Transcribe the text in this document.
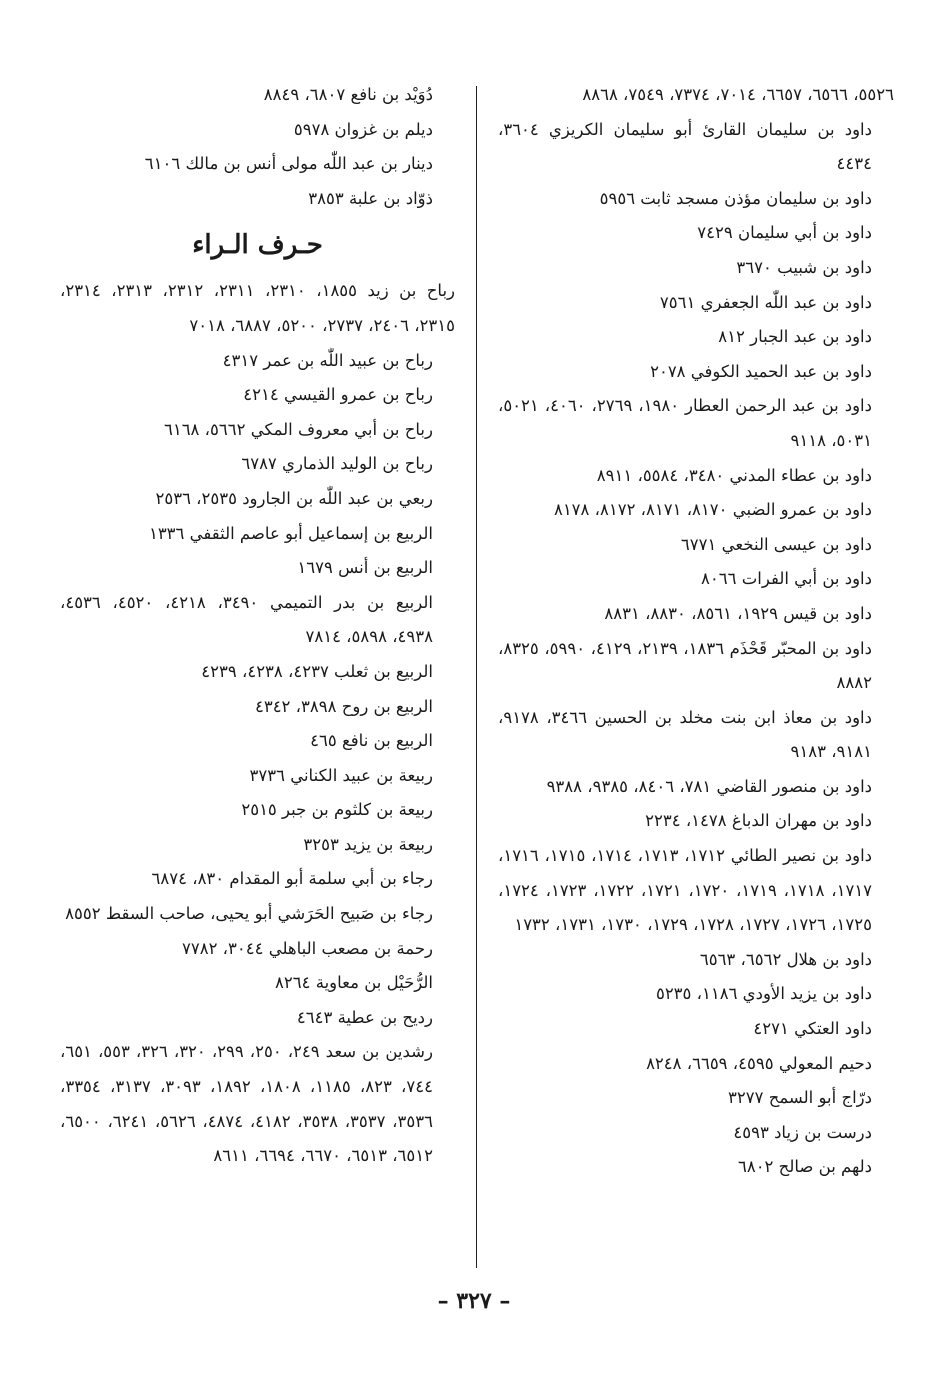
٥٥٢٦، ٦٥٦٦، ٦٦٥٧، ٧٠١٤، ٧٣٧٤، ٧٥٤٩، ٨٨٦٨

داود بن سليمان القارئ أبو سليمان الكريزي ٣٦٠٤، ٤٤٣٤

داود بن سليمان مؤذن مسجد ثابت ٥٩٥٦

داود بن أبي سليمان ٧٤٢٩

داود بن شبيب ٣٦٧٠

داود بن عبد اللّٰه الجعفري ٧٥٦١

داود بن عبد الجبار ٨١٢

داود بن عبد الحميد الكوفي ٢٠٧٨

داود بن عبد الرحمن العطار ١٩٨٠، ٢٧٦٩، ٤٠٦٠، ٥٠٢١، ٥٠٣١، ٩١١٨

داود بن عطاء المدني ٣٤٨٠، ٥٥٨٤، ٨٩١١

داود بن عمرو الضبي ٨١٧٠، ٨١٧١، ٨١٧٢، ٨١٧٨

داود بن عيسى النخعي ٦٧٧١

داود بن أبي الفرات ٨٠٦٦

داود بن قيس ١٩٢٩، ٨٥٦١، ٨٨٣٠، ٨٨٣١

داود بن المحبّر قَحْذَم ١٨٣٦، ٢١٣٩، ٤١٢٩، ٥٩٩٠، ٨٣٢٥، ٨٨٨٢

داود بن معاذ ابن بنت مخلد بن الحسين ٣٤٦٦، ٩١٧٨، ٩١٨١، ٩١٨٣

داود بن منصور القاضي ٧٨١، ٨٤٠٦، ٩٣٨٥، ٩٣٨٨

داود بن مهران الدباغ ١٤٧٨، ٢٢٣٤

داود بن نصير الطائي ١٧١٢، ١٧١٣، ١٧١٤، ١٧١٥، ١٧١٦، ١٧١٧، ١٧١٨، ١٧١٩، ١٧٢٠، ١٧٢١، ١٧٢٢، ١٧٢٣، ١٧٢٤، ١٧٢٥، ١٧٢٦، ١٧٢٧، ١٧٢٨، ١٧٢٩، ١٧٣٠، ١٧٣١، ١٧٣٢

داود بن هلال ٦٥٦٢، ٦٥٦٣

داود بن يزيد الأودي ١١٨٦، ٥٢٣٥

داود العتكي ٤٢٧١

دحيم المعولي ٤٥٩٥، ٦٦٥٩، ٨٢٤٨

درّاج أبو السمح ٣٢٧٧

درست بن زياد ٤٥٩٣

دلهم بن صالح ٦٨٠٢

دُوَيْد بن نافع ٦٨٠٧، ٨٨٤٩

ديلم بن غزوان ٥٩٧٨

دينار بن عبد اللّٰه مولى أنس بن مالك ٦١٠٦

ذوّاد بن علبة ٣٨٥٣

حـرف الـراء

رباح بن زيد ١٨٥٥، ٢٣١٠، ٢٣١١، ٢٣١٢، ٢٣١٣، ٢٣١٤، ٢٣١٥، ٢٤٠٦، ٢٧٣٧، ٥٢٠٠، ٦٨٨٧، ٧٠١٨

رباح بن عبيد اللّٰه بن عمر ٤٣١٧

رباح بن عمرو القيسي ٤٢١٤

رباح بن أبي معروف المكي ٥٦٦٢، ٦١٦٨

رباح بن الوليد الذماري ٦٧٨٧

ربعي بن عبد اللّٰه بن الجارود ٢٥٣٥، ٢٥٣٦

الربيع بن إسماعيل أبو عاصم الثقفي ١٣٣٦

الربيع بن أنس ١٦٧٩

الربيع بن بدر التميمي ٣٤٩٠، ٤٢١٨، ٤٥٢٠، ٤٥٣٦، ٤٩٣٨، ٥٨٩٨، ٧٨١٤

الربيع بن ثعلب ٤٢٣٧، ٤٢٣٨، ٤٢٣٩

الربيع بن روح ٣٨٩٨، ٤٣٤٢

الربيع بن نافع ٤٦٥

ربيعة بن عبيد الكناني ٣٧٣٦

ربيعة بن كلثوم بن جبر ٢٥١٥

ربيعة بن يزيد ٣٢٥٣

رجاء بن أبي سلمة أبو المقدام ٨٣٠، ٦٨٧٤

رجاء بن صَبيح الحَرَشي أبو يحيى، صاحب السقط ٨٥٥٢

رحمة بن مصعب الباهلي ٣٠٤٤، ٧٧٨٢

الرُّحَيْل بن معاوية ٨٢٦٤

رديح بن عطية ٤٦٤٣

رشدين بن سعد ٢٤٩، ٢٥٠، ٢٩٩، ٣٢٠، ٣٢٦، ٥٥٣، ٦٥١، ٧٤٤، ٨٢٣، ١١٨٥، ١٨٠٨، ١٨٩٢، ٣٠٩٣، ٣١٣٧، ٣٣٥٤، ٣٥٣٦، ٣٥٣٧، ٣٥٣٨، ٤١٨٢، ٤٨٧٤، ٥٦٢٦، ٦٢٤١، ٦٥٠٠، ٦٥١٢، ٦٥١٣، ٦٦٧٠، ٦٦٩٤، ٨٦١١

– ٣٢٧ –
